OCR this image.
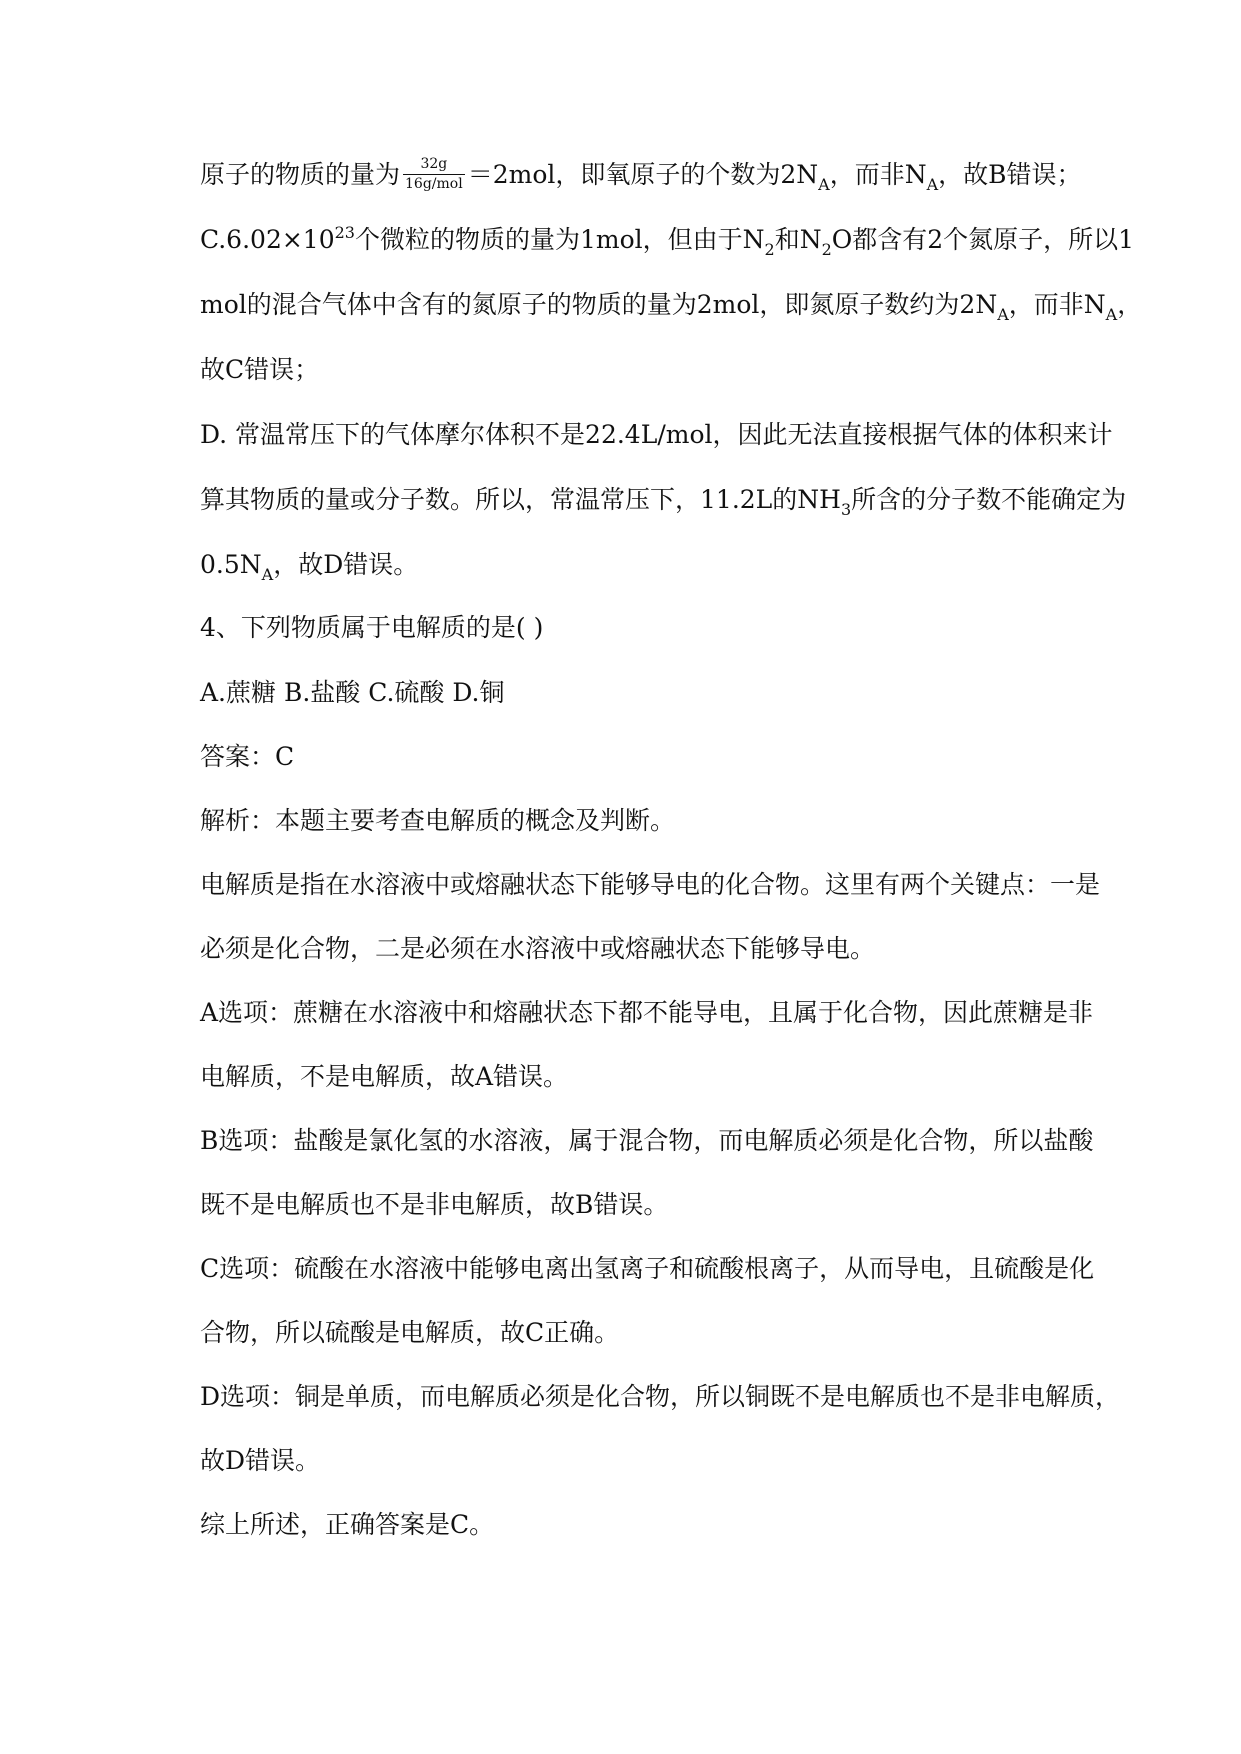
原子的物质的量为 $\frac{32g}{\text{16g/mol}} =2mol$，即氧原子的个数为$2N_A$，而非$N_A$，故B错误；
$C.6.02\times 10^{23}$个微粒的物质的量为1mol，但由于$N_2$和$N_2O$都含有2个氮原子，所以1
mol的混合气体中含有的氮原子的物质的量为2mol，即氮原子数约为$2N_A$，而非$N_A$，
故C错误；
D. 常温常压下的气体摩尔体积不是22.4L/mol，因此无法直接根据气体的体积来计
算其物质的量或分子数。所以，常温常压下，11.2L的$NH_3$所含的分子数不能确定为
$0.5N_A$，故D错误。
4、下列物质属于电解质的是( )
A.蔗糖 B.盐酸 C.硫酸 D.铜
答案：C
解析：本题主要考查电解质的概念及判断。
电解质是指在水溶液中或熔融状态下能够导电的化合物。这里有两个关键点：一是
必须是化合物，二是必须在水溶液中或熔融状态下能够导电。
A选项：蔗糖在水溶液中和熔融状态下都不能导电，且属于化合物，因此蔗糖是非
电解质，不是电解质，故A错误。
B选项：盐酸是氯化氢的水溶液，属于混合物，而电解质必须是化合物，所以盐酸
既不是电解质也不是非电解质，故B错误。
C选项：硫酸在水溶液中能够电离出氢离子和硫酸根离子，从而导电，且硫酸是化
合物，所以硫酸是电解质，故C正确。
D选项：铜是单质，而电解质必须是化合物，所以铜既不是电解质也不是非电解质，
故D错误。
综上所述，正确答案是C。
